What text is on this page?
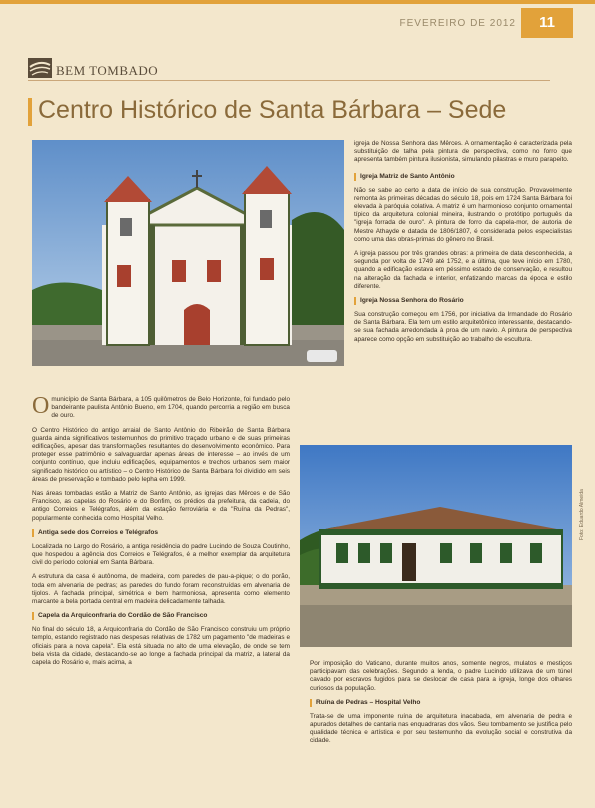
FEVEREIRO DE 2012	11
BEM TOMBADO
Centro Histórico de Santa Bárbara – Sede

igreja de Nossa Senhora das Mêrces. A ornamentação é caracterizada pela substituição de talha pela pintura de perspectiva, como no forro que apresenta também pintura ilusionista, simulando pilastras e muro parapeito.

Igreja Matriz de Santo Antônio

Não se sabe ao certo a data de início de sua construção. Provavelmente remonta às primeiras décadas do século 18, pois em 1724 Santa Bárbara foi elevada à paróquia colativa. A matriz é um harmonioso conjunto ornamental típico da arquitetura colonial mineira, ilustrando o protótipo português da "igreja forrada de ouro". A pintura de forro da capela-mor, de autoria de Mestre Athayde e datada de 1806/1807, é considerada pelos especialistas como uma das obras-primas do gênero no Brasil.

A igreja passou por três grandes obras: a primeira de data desconhecida, a segunda por volta de 1749 até 1752, e a última, que teve início em 1780, quando a edificação estava em péssimo estado de conservação, e resultou na alteração da fachada e interior, enfatizando marcas da época e estilo diferente.

Igreja Nossa Senhora do Rosário

Sua construção começou em 1756, por iniciativa da Irmandade do Rosário de Santa Bárbara. Ela tem um estilo arquitetônico interessante, destacando-se sua fachada arredondada à proa de um navio. A pintura de perspectiva aparece como opção em substituição ao trabalho de escultura.

Foto: Eduardo Almeida

O município de Santa Bárbara, a 105 quilômetros de Belo Horizonte, foi fundado pelo bandeirante paulista Antônio Bueno, em 1704, quando percorria a região em busca de ouro.

O Centro Histórico do antigo arraial de Santo Antônio do Ribeirão de Santa Bárbara guarda ainda significativos testemunhos do primitivo traçado urbano e de suas primeiras edificações, apesar das transformações resultantes do desenvolvimento econômico. Para proteger esse patrimônio e salvaguardar apenas áreas de interesse – ao invés de um conjunto contínuo, que incluiu edificações, equipamentos e trechos urbanos sem maior significado histórico ou artístico – o Centro Histórico de Santa Bárbara foi dividido em seis áreas de preservação e tombado pelo Iepha em 1999.

Nas áreas tombadas estão a Matriz de Santo Antônio, as igrejas das Mêrces e de São Francisco, as capelas do Rosário e do Bonfim, os prédios da prefeitura, da cadeia, do antigo Correios e Telégrafos, além da estação ferroviária e da "Ruína da Pedras", popularmente conhecida como Hospital Velho.

Antiga sede dos Correios e Telégrafos

Localizada no Largo do Rosário, a antiga residência do padre Lucindo de Souza Coutinho, que hospedou a agência dos Correios e Telégrafos, é a melhor exemplar da arquitetura civil do período colonial em Santa Bárbara.

A estrutura da casa é autônoma, de madeira, com paredes de pau-a-pique; o do porão, toda em alvenaria de pedras; as paredes do fundo foram reconstruídas em alvenaria de tijolos. A fachada principal, simétrica e bem harmoniosa, apresenta como elemento marcante a bela portada central em madeira delicadamente talhada.

Capela da Arquiconfraria do Cordão de São Francisco

No final do século 18, a Arquiconfraria do Cordão de São Francisco construiu um próprio templo, estando registrado nas despesas relativas de 1782 um pagamento "de madeiras e oficiais para a nova capela". Ela está situada no alto de uma elevação, de onde se tem bela vista da cidade, destacando-se ao longe a fachada principal da matriz, a lateral da capela do Rosário e, mais acima, a	Por imposição do Vaticano, durante muitos anos, somente negros, mulatos e mestiços participavam das celebrações. Segundo a lenda, o padre Lucindo utilizava de um túnel cavado por escravos fugidos para se deslocar de casa para a igreja, longe dos olhares curiosos da população.

Ruína de Pedras – Hospital Velho

Trata-se de uma imponente ruína de arquitetura inacabada, em alvenaria de pedra e apurados detalhes de cantaria nas enquadraras dos vãos. Seu tombamento se justifica pelo qualidade técnica e artística e por seu testemunho da evolução social e construtiva da cidade.
